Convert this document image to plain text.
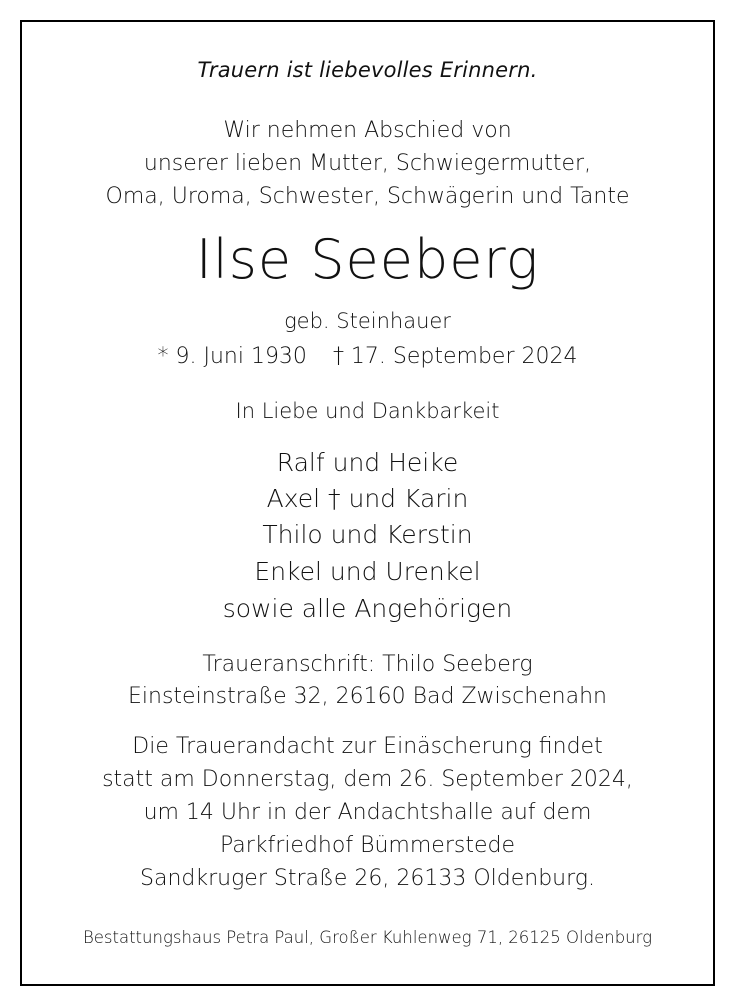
Trauern ist liebevolles Erinnern.
Wir nehmen Abschied von
unserer lieben Mutter, Schwiegermutter,
Oma, Uroma, Schwester, Schwägerin und Tante
Ilse Seeberg
geb. Steinhauer
* 9. Juni 1930 † 17. September 2024
In Liebe und Dankbarkeit
Ralf und Heike
Axel † und Karin
Thilo und Kerstin
Enkel und Urenkel
sowie alle Angehörigen
Traueranschrift: Thilo Seeberg
Einsteinstraße 32, 26160 Bad Zwischenahn
Die Trauerandacht zur Einäscherung findet
statt am Donnerstag, dem 26. September 2024,
um 14 Uhr in der Andachtshalle auf dem
Parkfriedhof Bümmerstede
Sandkruger Straße 26, 26133 Oldenburg.
Bestattungshaus Petra Paul, Großer Kuhlenweg 71, 26125 Oldenburg
